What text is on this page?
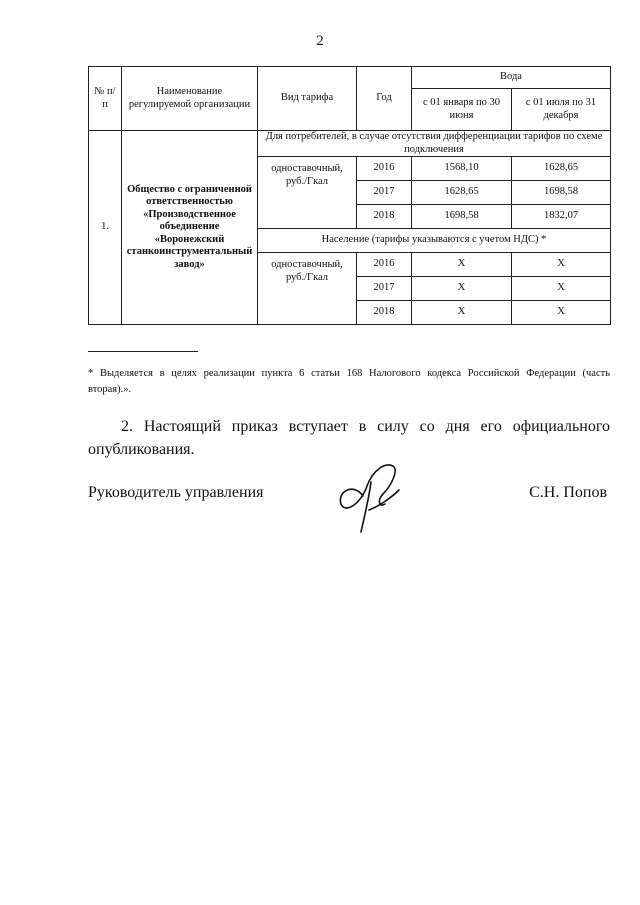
2
№ п/п	Наименование регулируемой организации	Вид тарифа	Год	Вода	
				с 01 января по 30 июня	с 01 июля по 31 декабря
1.	Общество с ограниченной ответственностью «Производственное объединение «Воронежский станкоинструментальный завод»	Для потребителей, в случае отсутствия дифференциации тарифов по схеме подключения			
		одноставочный, руб./Гкал	2016	1568,10	1628,65
			2017	1628,65	1698,58
			2018	1698,58	1832,07
		Население (тарифы указываются с учетом НДС) *			
		одноставочный, руб./Гкал	2016	Х	Х
			2017	Х	Х
			2018	Х	Х
* Выделяется в целях реализации пункта 6 статьи 168 Налогового кодекса Российской Федерации (часть
вторая).».
2. Настоящий приказ вступает в силу со дня его официального
опубликования.
Руководитель управления	С.Н. Попов
